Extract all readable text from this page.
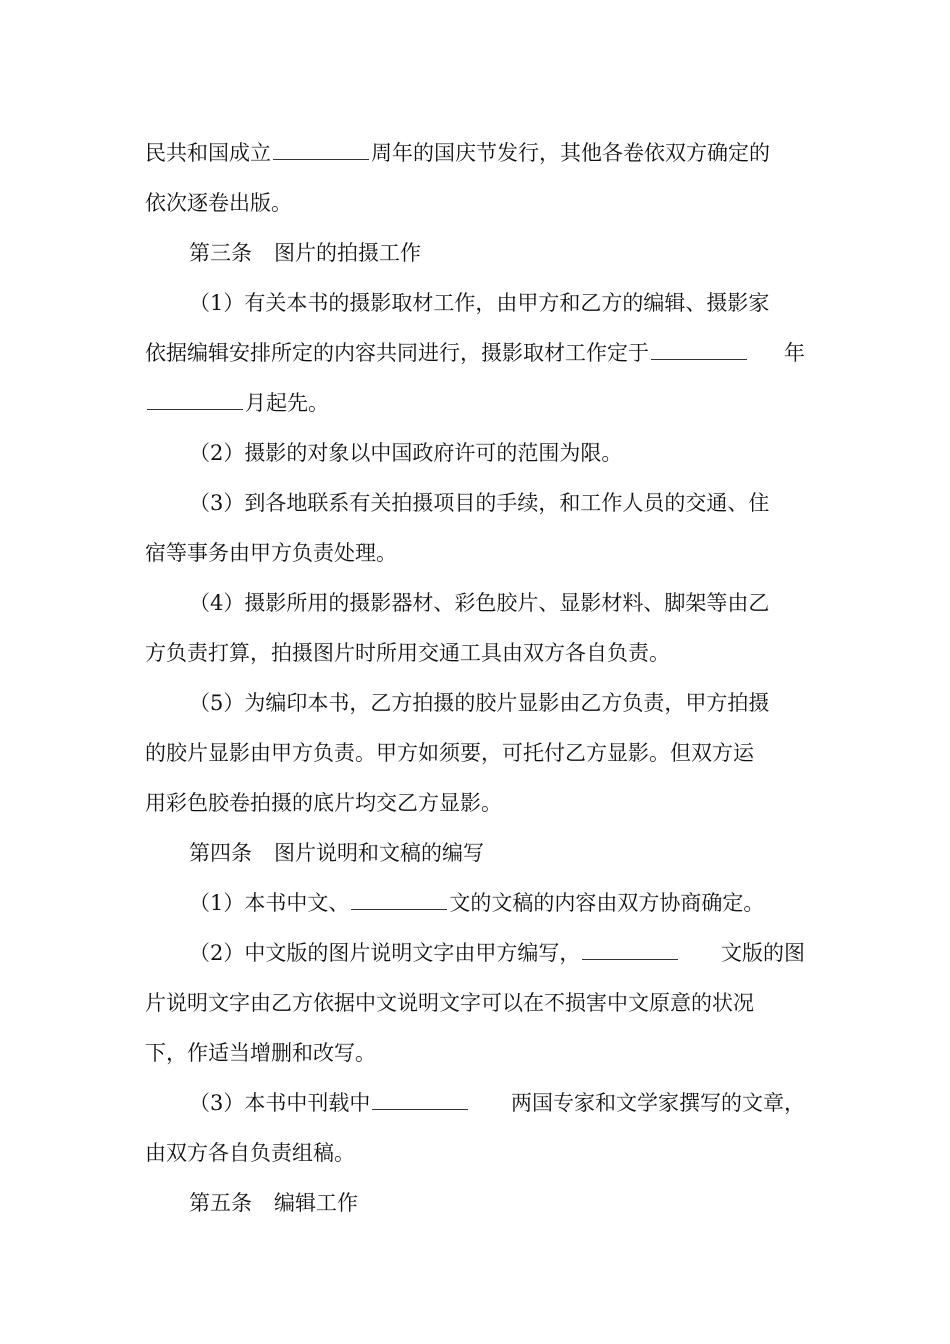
民共和国成立	周年的国庆节发行，其他各卷依双方确定的
依次逐卷出版。
第三条 图片的拍摄工作
（1）有关本书的摄影取材工作，由甲方和乙方的编辑、摄影家
依据编辑安排所定的内容共同进行，摄影取材工作定于	年
月起先。
（2）摄影的对象以中国政府许可的范围为限。
（3）到各地联系有关拍摄项目的手续，和工作人员的交通、住
宿等事务由甲方负责处理。
（4）摄影所用的摄影器材、彩色胶片、显影材料、脚架等由乙
方负责打算，拍摄图片时所用交通工具由双方各自负责。
（5）为编印本书，乙方拍摄的胶片显影由乙方负责，甲方拍摄
的胶片显影由甲方负责。甲方如须要，可托付乙方显影。但双方运
用彩色胶卷拍摄的底片均交乙方显影。
第四条 图片说明和文稿的编写
（1）本书中文、	文的文稿的内容由双方协商确定。
（2）中文版的图片说明文字由甲方编写，	文版的图
片说明文字由乙方依据中文说明文字可以在不损害中文原意的状况
下，作适当增删和改写。
（3）本书中刊载中	两国专家和文学家撰写的文章，
由双方各自负责组稿。
第五条 编辑工作
